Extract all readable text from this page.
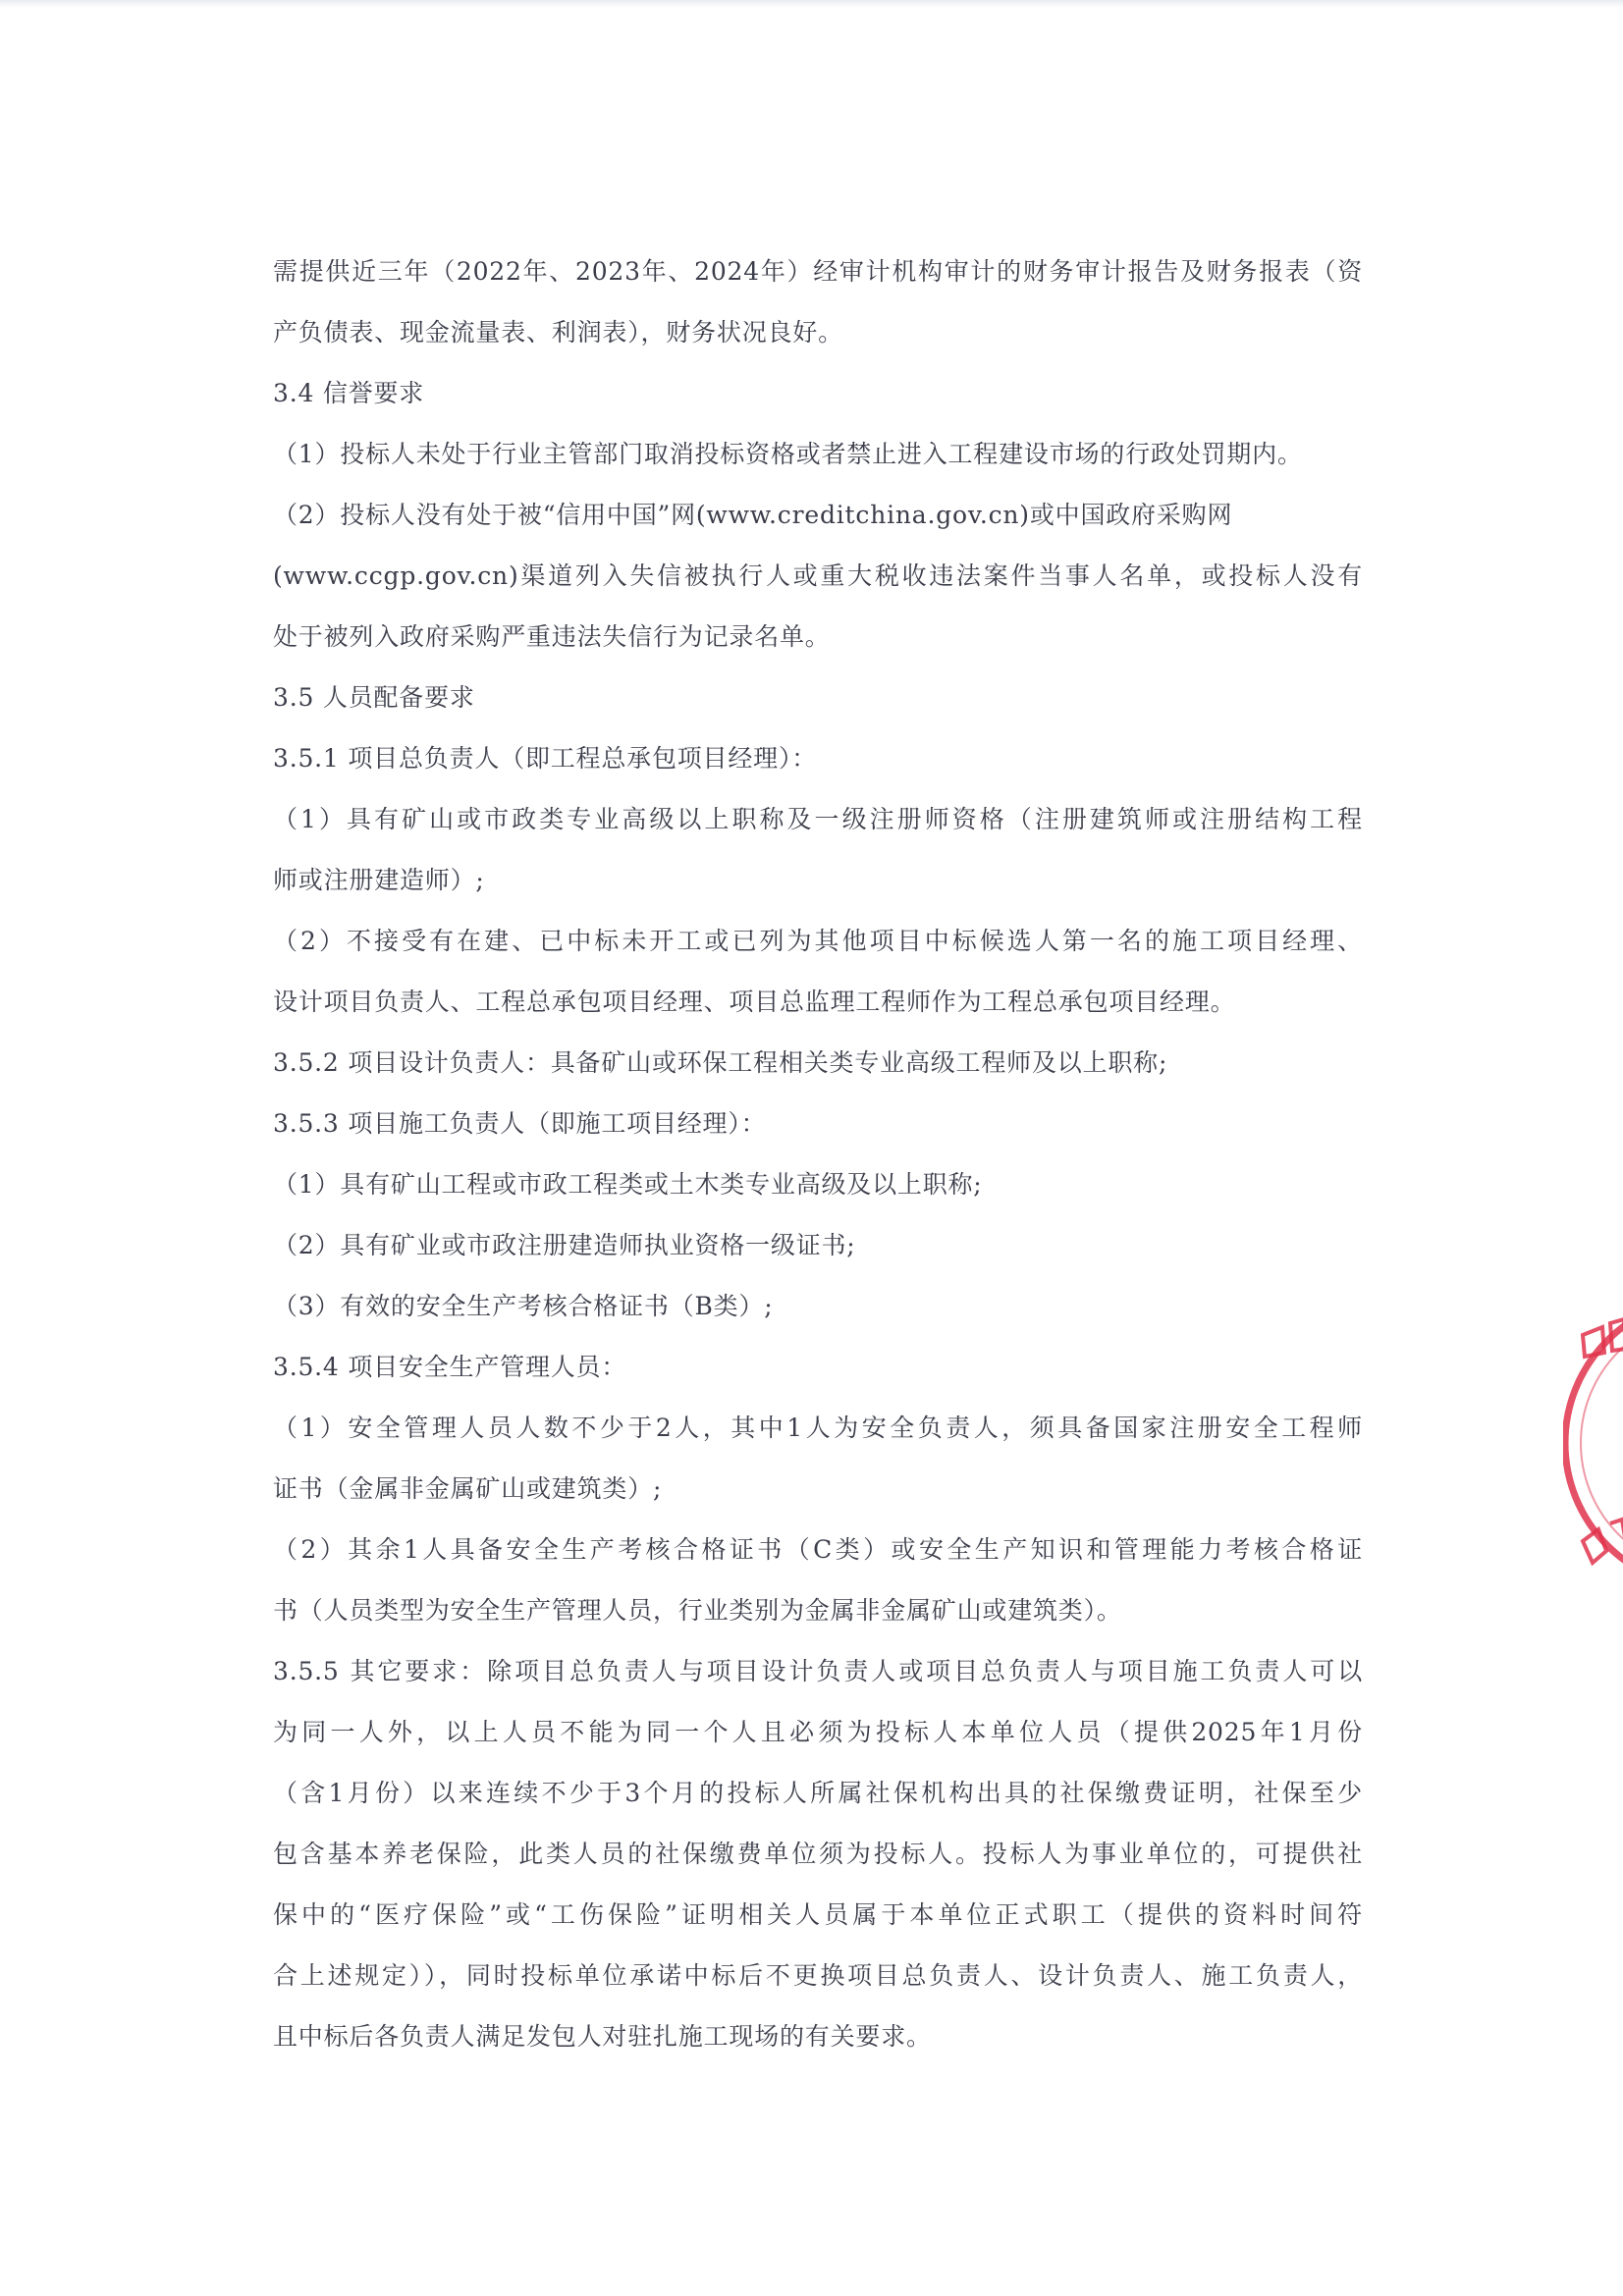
需提供近三年（2022年、2023年、2024年）经审计机构审计的财务审计报告及财务报表（资
产负债表、现金流量表、利润表），财务状况良好。
3.4 信誉要求
（1）投标人未处于行业主管部门取消投标资格或者禁止进入工程建设市场的行政处罚期内。
（2）投标人没有处于被“信用中国”网(www.creditchina.gov.cn)或中国政府采购网
(www.ccgp.gov.cn)渠道列入失信被执行人或重大税收违法案件当事人名单，或投标人没有
处于被列入政府采购严重违法失信行为记录名单。
3.5 人员配备要求
3.5.1 项目总负责人（即工程总承包项目经理）：
（1）具有矿山或市政类专业高级以上职称及一级注册师资格（注册建筑师或注册结构工程
师或注册建造师）;
（2）不接受有在建、已中标未开工或已列为其他项目中标候选人第一名的施工项目经理、
设计项目负责人、工程总承包项目经理、项目总监理工程师作为工程总承包项目经理。
3.5.2 项目设计负责人：具备矿山或环保工程相关类专业高级工程师及以上职称;
3.5.3 项目施工负责人（即施工项目经理）：
（1）具有矿山工程或市政工程类或土木类专业高级及以上职称;
（2）具有矿业或市政注册建造师执业资格一级证书;
（3）有效的安全生产考核合格证书（B类）;
3.5.4 项目安全生产管理人员：
（1）安全管理人员人数不少于2人，其中1人为安全负责人，须具备国家注册安全工程师
证书（金属非金属矿山或建筑类）;
（2）其余1人具备安全生产考核合格证书（C类）或安全生产知识和管理能力考核合格证
书（人员类型为安全生产管理人员，行业类别为金属非金属矿山或建筑类）。
3.5.5 其它要求：除项目总负责人与项目设计负责人或项目总负责人与项目施工负责人可以
为同一人外，以上人员不能为同一个人且必须为投标人本单位人员（提供2025年1月份
（含1月份）以来连续不少于3个月的投标人所属社保机构出具的社保缴费证明，社保至少
包含基本养老保险，此类人员的社保缴费单位须为投标人。投标人为事业单位的，可提供社
保中的“医疗保险”或“工伤保险”证明相关人员属于本单位正式职工（提供的资料时间符
合上述规定）），同时投标单位承诺中标后不更换项目总负责人、设计负责人、施工负责人，
且中标后各负责人满足发包人对驻扎施工现场的有关要求。
